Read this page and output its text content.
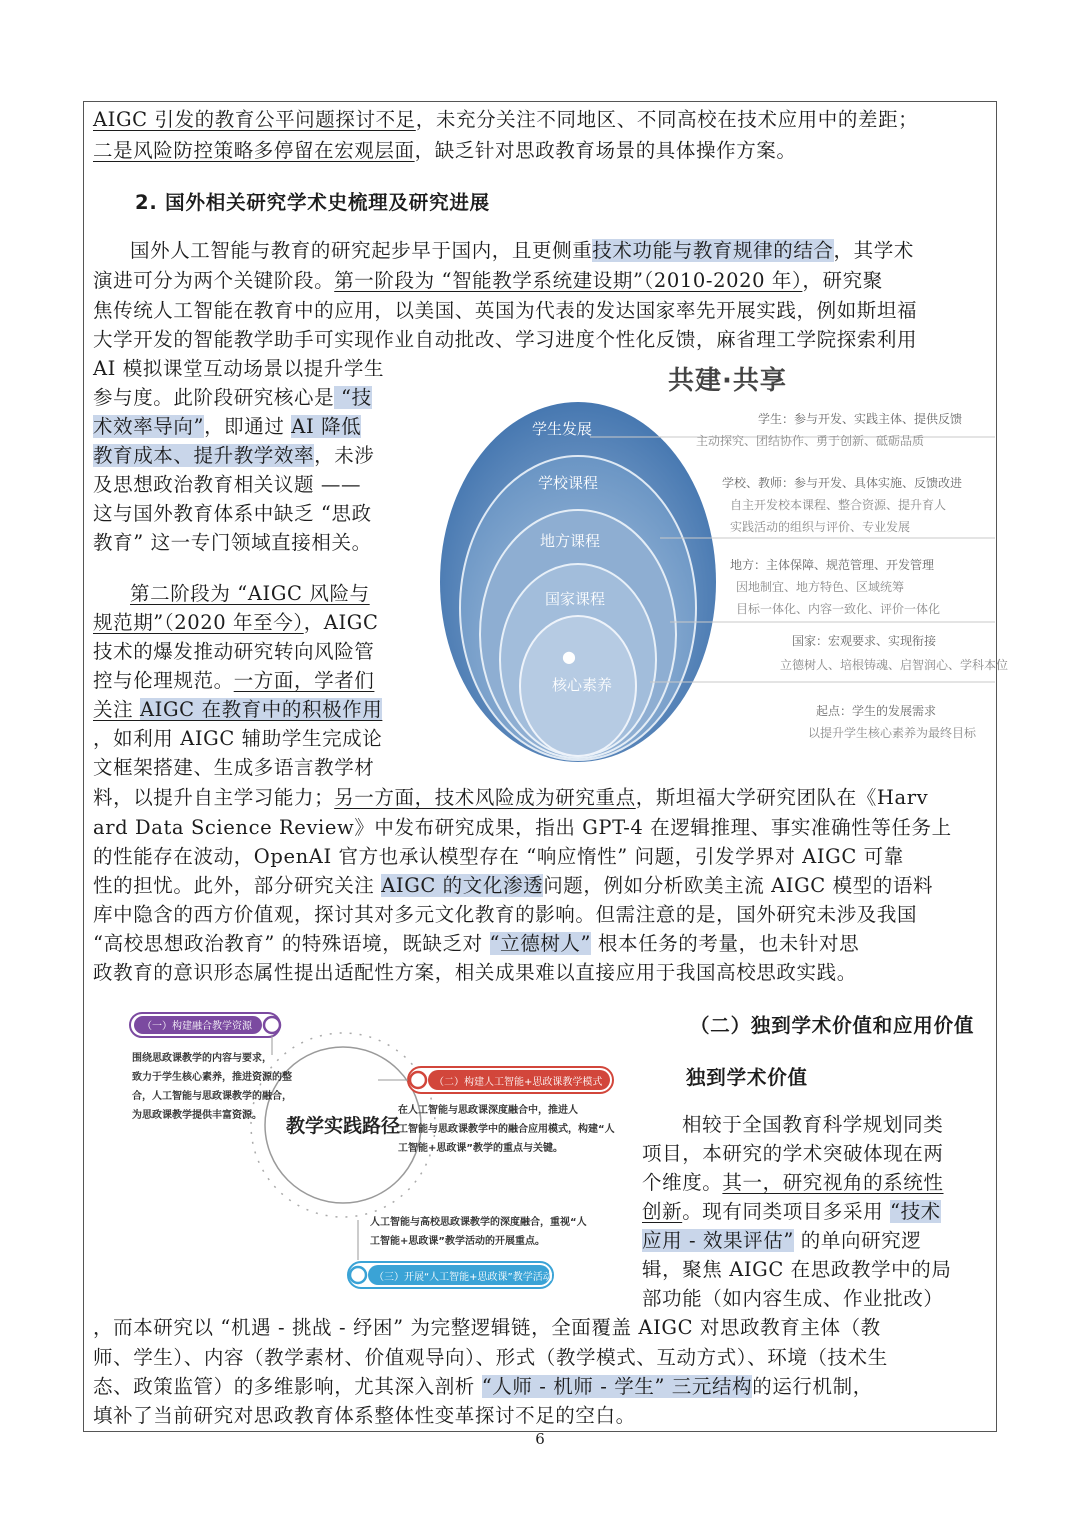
AIGC 引发的教育公平问题探讨不足，未充分关注不同地区、不同高校在技术应用中的差距；
二是风险防控策略多停留在宏观层面，缺乏针对思政教育场景的具体操作方案。
2. 国外相关研究学术史梳理及研究进展
国外人工智能与教育的研究起步早于国内，且更侧重技术功能与教育规律的结合，其学术
演进可分为两个关键阶段。第一阶段为 “智能教学系统建设期”（2010-2020 年），研究聚
焦传统人工智能在教育中的应用，以美国、英国为代表的发达国家率先开展实践，例如斯坦福
大学开发的智能教学助手可实现作业自动批改、学习进度个性化反馈，麻省理工学院探索利用
AI 模拟课堂互动场景以提升学生
参与度。此阶段研究核心是 “技
术效率导向”，即通过 AI 降低
教育成本、提升教学效率，未涉
及思想政治教育相关议题 ——
这与国外教育体系中缺乏 “思政
教育” 这一专门领域直接相关。
第二阶段为 “AIGC 风险与
规范期”（2020 年至今），AIGC
技术的爆发推动研究转向风险管
控与伦理规范。一方面，学者们
关注 AIGC 在教育中的积极作用
，如利用 AIGC 辅助学生完成论
文框架搭建、生成多语言教学材
料，以提升自主学习能力；另一方面，技术风险成为研究重点，斯坦福大学研究团队在《Harv
ard Data Science Review》中发布研究成果，指出 GPT-4 在逻辑推理、事实准确性等任务上
的性能存在波动，OpenAI 官方也承认模型存在 “响应惰性” 问题，引发学界对 AIGC 可靠
性的担忧。此外，部分研究关注 AIGC 的文化渗透问题，例如分析欧美主流 AIGC 模型的语料
库中隐含的西方价值观，探讨其对多元文化教育的影响。但需注意的是，国外研究未涉及我国
“高校思想政治教育” 的特殊语境，既缺乏对 “立德树人” 根本任务的考量，也未针对思
政教育的意识形态属性提出适配性方案，相关成果难以直接应用于我国高校思政实践。
共建·共享
学生发展
学校课程
地方课程
国家课程
核心素养
●
学生：参与开发、实践主体、提供反馈
主动探究、团结协作、勇于创新、砥砺品质
学校、教师：参与开发、具体实施、反馈改进
自主开发校本课程、整合资源、提升育人
实践活动的组织与评价、专业发展
地方：主体保障、规范管理、开发管理
因地制宜、地方特色、区域统筹
目标一体化、内容一致化、评价一体化
国家：宏观要求、实现衔接
立德树人、培根铸魂、启智润心、学科本位
起点：学生的发展需求
以提升学生核心素养为最终目标
（二）独到学术价值和应用价值
独到学术价值
相较于全国教育科学规划同类
项目，本研究的学术突破体现在两
个维度。其一，研究视角的系统性
创新。现有同类项目多采用 “技术
应用 - 效果评估” 的单向研究逻
辑，聚焦 AIGC 在思政教学中的局
部功能（如内容生成、作业批改）
，而本研究以 “机遇 - 挑战 - 纾困” 为完整逻辑链，全面覆盖 AIGC 对思政教育主体（教
师、学生）、内容（教学素材、价值观导向）、形式（教学模式、互动方式）、环境（技术生
态、政策监管）的多维影响，尤其深入剖析 “人师 - 机师 - 学生” 三元结构的运行机制，
填补了当前研究对思政教育体系整体性变革探讨不足的空白。
教学实践路径
（一）构建融合教学资源
围绕思政课教学的内容与要求，
致力于学生核心素养，推进资源的整
合，人工智能与思政课教学的融合，
为思政课教学提供丰富资源。
（二）构建人工智能+思政课教学模式
在人工智能与思政课深度融合中，推进人
工智能与思政课教学中的融合应用模式，构建“人
工智能+思政课”教学的重点与关键。
（三）开展“人工智能+思政课”教学活动
人工智能与高校思政课教学的深度融合，重视“人
工智能+思政课”教学活动的开展重点。
6
